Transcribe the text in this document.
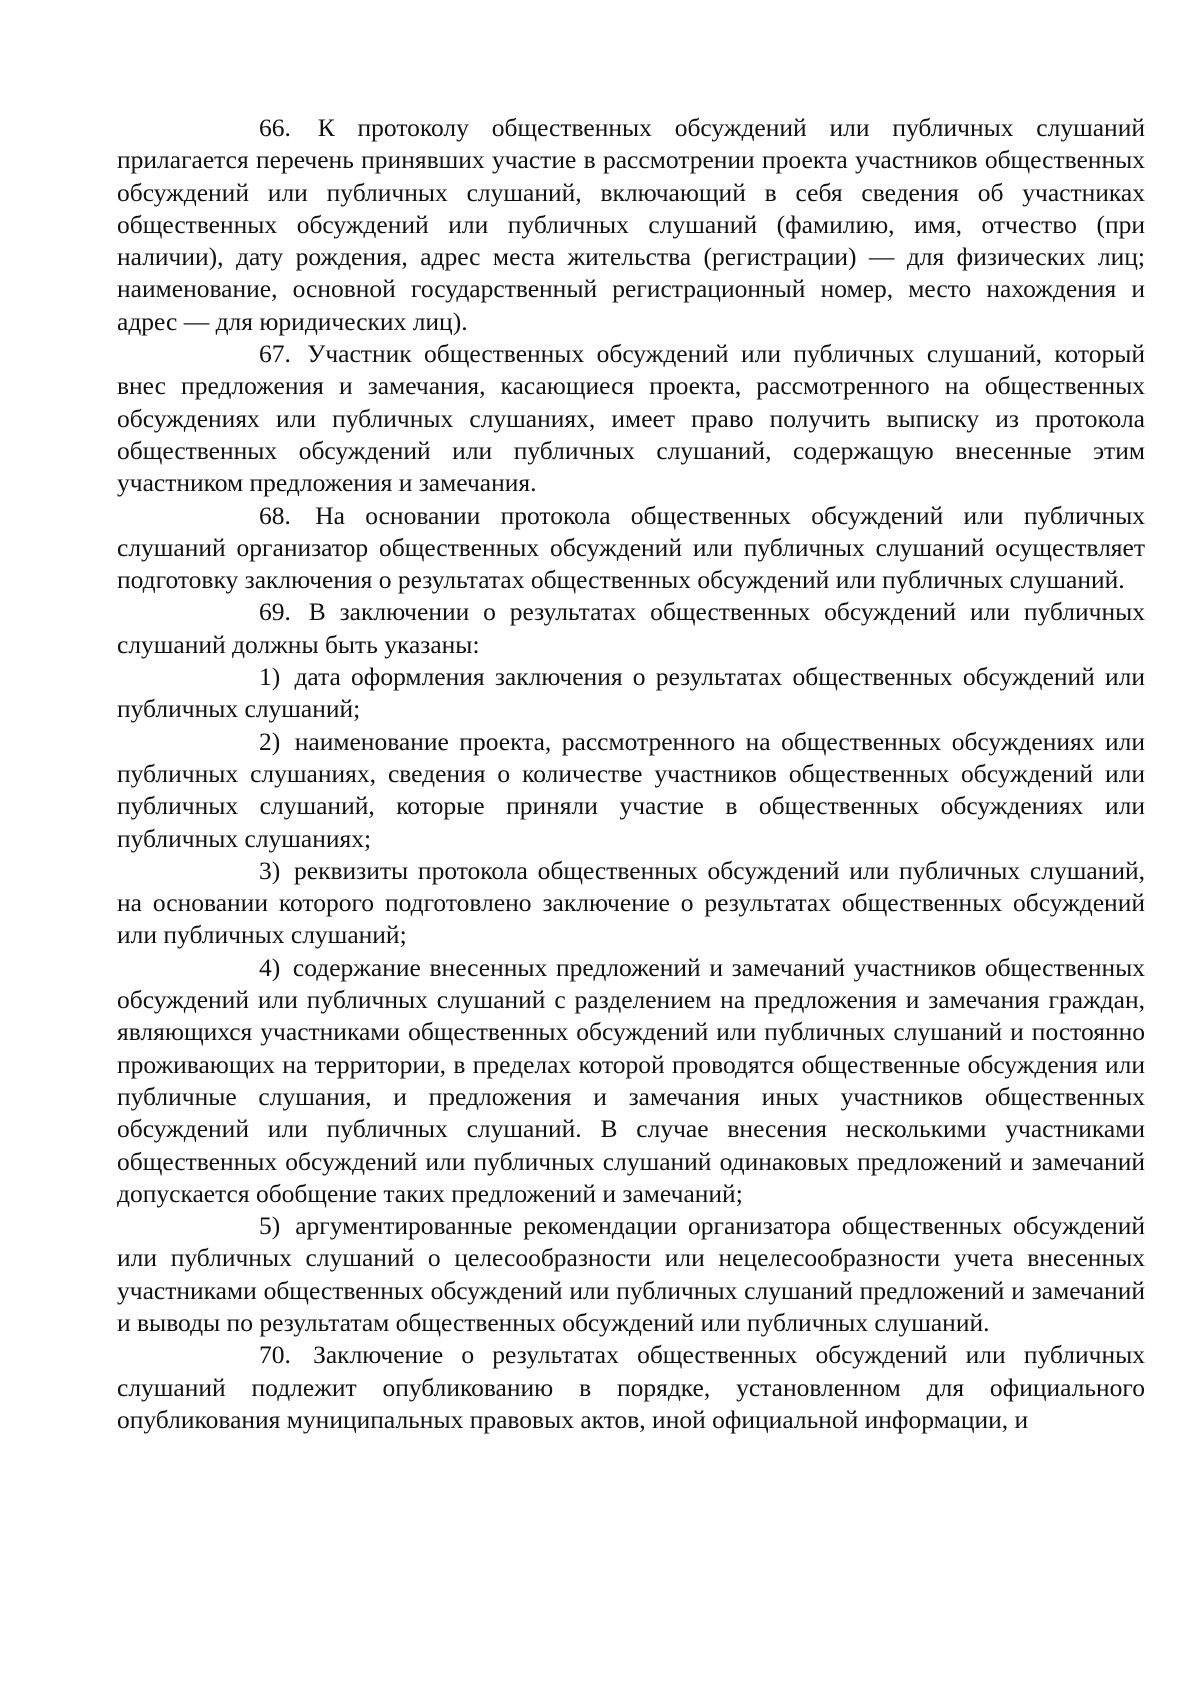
66. К протоколу общественных обсуждений или публичных слушаний прилагается перечень принявших участие в рассмотрении проекта участников общественных обсуждений или публичных слушаний, включающий в себя сведения об участниках общественных обсуждений или публичных слушаний (фамилию, имя, отчество (при наличии), дату рождения, адрес места жительства (регистрации) — для физических лиц; наименование, основной государственный регистрационный номер, место нахождения и адрес — для юридических лиц).

67. Участник общественных обсуждений или публичных слушаний, который внес предложения и замечания, касающиеся проекта, рассмотренного на общественных обсуждениях или публичных слушаниях, имеет право получить выписку из протокола общественных обсуждений или публичных слушаний, содержащую внесенные этим участником предложения и замечания.

68. На основании протокола общественных обсуждений или публичных слушаний организатор общественных обсуждений или публичных слушаний осуществляет подготовку заключения о результатах общественных обсуждений или публичных слушаний.

69. В заключении о результатах общественных обсуждений или публичных слушаний должны быть указаны:

1) дата оформления заключения о результатах общественных обсуждений или публичных слушаний;

2) наименование проекта, рассмотренного на общественных обсуждениях или публичных слушаниях, сведения о количестве участников общественных обсуждений или публичных слушаний, которые приняли участие в общественных обсуждениях или публичных слушаниях;

3) реквизиты протокола общественных обсуждений или публичных слушаний, на основании которого подготовлено заключение о результатах общественных обсуждений или публичных слушаний;

4) содержание внесенных предложений и замечаний участников общественных обсуждений или публичных слушаний с разделением на предложения и замечания граждан, являющихся участниками общественных обсуждений или публичных слушаний и постоянно проживающих на территории, в пределах которой проводятся общественные обсуждения или публичные слушания, и предложения и замечания иных участников общественных обсуждений или публичных слушаний. В случае внесения несколькими участниками общественных обсуждений или публичных слушаний одинаковых предложений и замечаний допускается обобщение таких предложений и замечаний;

5) аргументированные рекомендации организатора общественных обсуждений или публичных слушаний о целесообразности или нецелесообразности учета внесенных участниками общественных обсуждений или публичных слушаний предложений и замечаний и выводы по результатам общественных обсуждений или публичных слушаний.

70. Заключение о результатах общественных обсуждений или публичных слушаний подлежит опубликованию в порядке, установленном для официального опубликования муниципальных правовых актов, иной официальной информации, и
